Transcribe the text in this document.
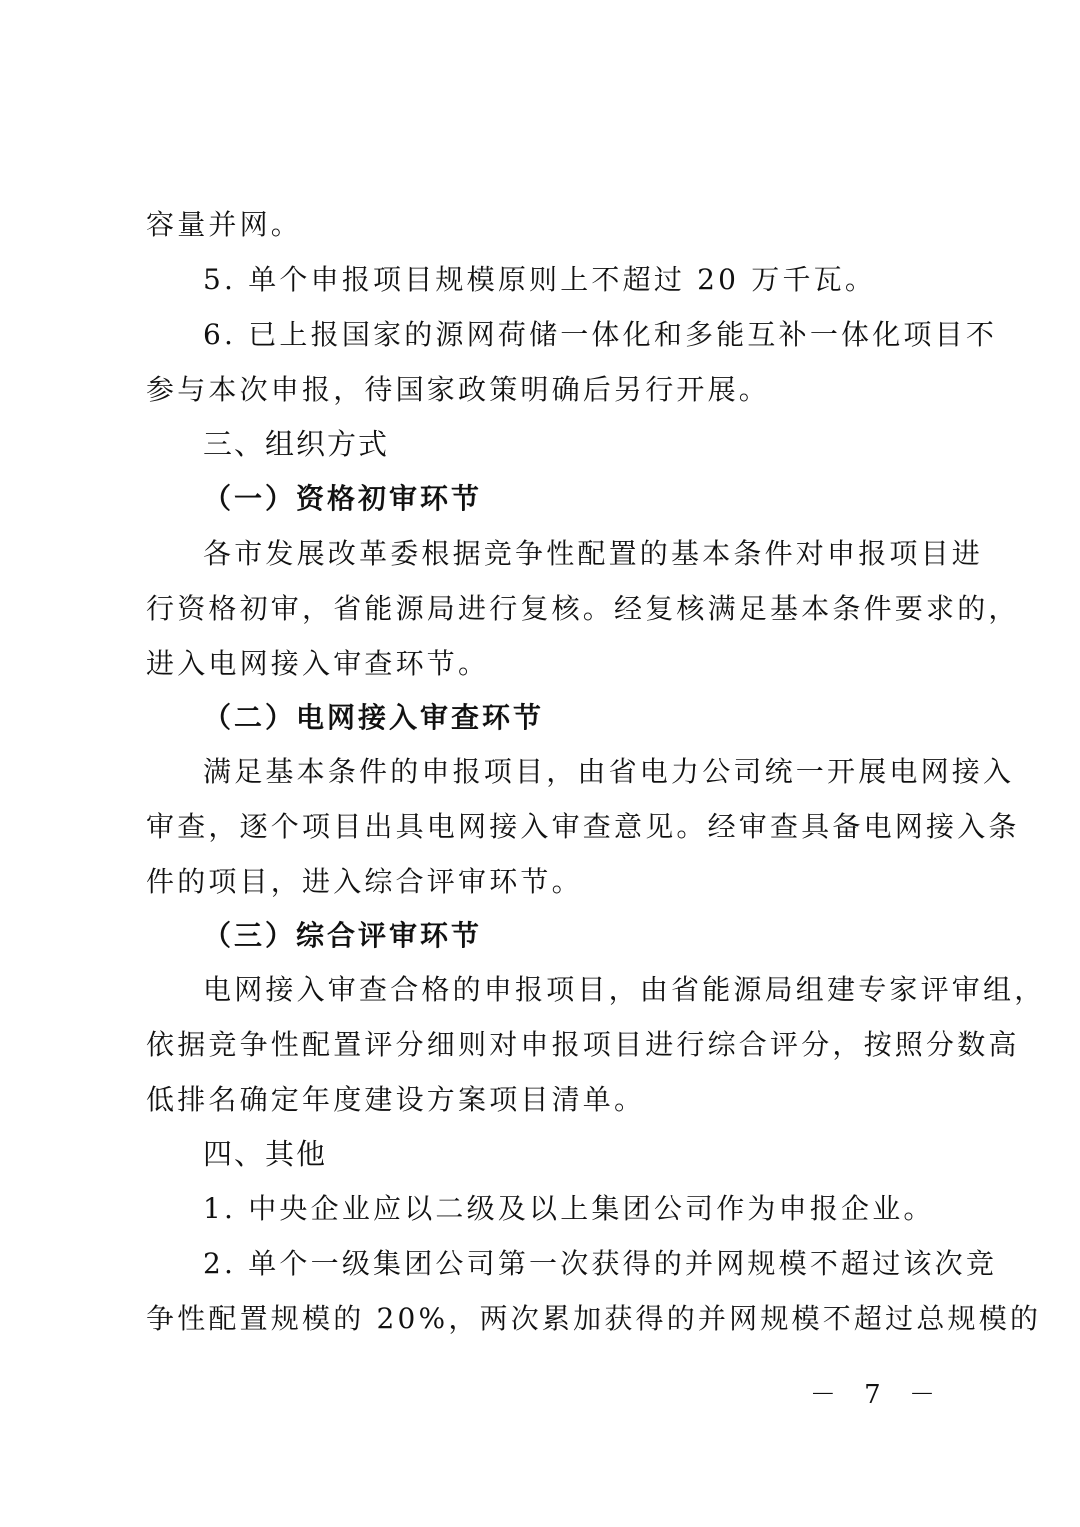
容量并网。
5. 单个申报项目规模原则上不超过 20 万千瓦。
6. 已上报国家的源网荷储一体化和多能互补一体化项目不
参与本次申报，待国家政策明确后另行开展。
三、组织方式
（一）资格初审环节
各市发展改革委根据竞争性配置的基本条件对申报项目进
行资格初审，省能源局进行复核。经复核满足基本条件要求的，
进入电网接入审查环节。
（二）电网接入审查环节
满足基本条件的申报项目，由省电力公司统一开展电网接入
审查，逐个项目出具电网接入审查意见。经审查具备电网接入条
件的项目，进入综合评审环节。
（三）综合评审环节
电网接入审查合格的申报项目，由省能源局组建专家评审组，
依据竞争性配置评分细则对申报项目进行综合评分，按照分数高
低排名确定年度建设方案项目清单。
四、其他
1. 中央企业应以二级及以上集团公司作为申报企业。
2. 单个一级集团公司第一次获得的并网规模不超过该次竞
争性配置规模的 20%，两次累加获得的并网规模不超过总规模的
－ 7 －
